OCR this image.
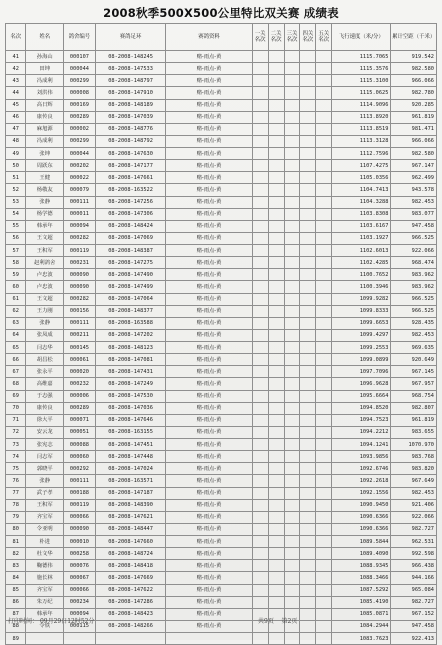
2008秋季500X500公里特比双关赛 成绩表
名次	姓名	鸽舍编号	赛鸽足环	赛鸽资料	一关名次	二关名次	三关名次	四关名次	五关名次	飞行速度（米/分）	累计空距（千米）
41	孙海山	000107	08-2008-148245	赌-雨点-黄						1115.7065	919.542
42	田坤	000044	08-2008-147533	赌-雨点-黄						1115.3576	982.580
43	冯成利	000299	08-2008-148797	赌-雨点-黄						1115.3100	966.066
44	刘洪伟	000008	08-2008-147910	赌-雨点-黄						1115.0625	982.780
45	高日辉	000169	08-2008-148189	赌-雨点-黄						1114.9096	920.285
46	康传良	000289	08-2008-147039	赌-雨点-黄						1113.8920	961.819
47	麻旭源	000002	08-2008-148776	赌-雨点-黄						1113.8519	981.471
48	冯成利	000299	08-2008-148792	赌-雨点-黄						1113.3128	966.066
49	张坤	000044	08-2008-147630	赌-雨点-黄						1112.7596	982.580
50	周跃东	000202	08-2008-147177	赌-雨点-黄						1107.4275	967.147
51	王健	000022	08-2008-147661	赌-雨点-黄						1105.0356	962.499
52	杨敬友	000079	08-2008-163522	赌-雨点-黄						1104.7413	943.578
53	张静	000111	08-2008-147256	赌-雨点-黄						1104.3288	982.453
54	杨学德	000011	08-2008-147306	赌-雨点-黄						1103.8308	983.077
55	韩承年	000094	08-2008-148424	赌-雨点-黄						1103.6167	947.458
56	王文超	000282	08-2008-147069	赌-雨点-黄						1103.1927	966.525
57	王积军	000119	08-2008-148387	赌-雨点-黄						1102.6013	922.066
58	赵利鸽舍	000231	08-2008-147275	赌-雨点-黄						1102.4285	968.474
59	卢忠波	000090	08-2008-147490	赌-雨点-黄						1100.7652	983.962
60	卢忠波	000090	08-2008-147499	赌-雨点-黄						1100.3946	983.962
61	王文超	000282	08-2008-147064	赌-雨点-黄						1099.9282	966.525
62	王力刚	000156	08-2008-148377	赌-雨点-黄						1099.8333	966.525
63	张静	000111	08-2008-163588	赌-雨点-黄						1099.6653	928.435
64	张凤成	000211	08-2008-147202	赌-雨点-黄						1099.4297	982.453
65	闫志华	000145	08-2008-148123	赌-雨点-黄						1099.2553	969.635
66	胡昌松	000061	08-2008-147081	赌-雨点-黄						1099.0899	920.649
67	张永平	000020	08-2008-147431	赌-雨点-黄						1097.7096	967.145
68	高维嘉	000232	08-2008-147249	赌-雨点-黄						1096.9628	967.957
69	于志强	000006	08-2008-147530	赌-雨点-黄						1095.6664	968.754
70	康传良	000289	08-2008-147036	赌-雨点-黄						1094.8520	982.807
71	徐大平	000071	08-2008-147646	赌-雨点-黄						1094.7523	961.819
72	安云龙	000051	08-2008-163155	赌-雨点-黄						1094.2212	983.655
73	张宪志	000088	08-2008-147451	赌-雨点-黄						1094.1241	1070.970
74	闫志军	000060	08-2008-147448	赌-雨点-黄						1093.9856	983.768
75	郭晓平	000292	08-2008-147024	赌-雨点-黄						1092.6746	983.820
76	张静	000111	08-2008-163571	赌-雨点-黄						1092.2618	967.649
77	武子孝	000188	08-2008-147187	赌-雨点-黄						1092.1556	982.453
78	王积军	000119	08-2008-148390	赌-雨点-黄						1090.9450	921.406
79	齐宝军	000066	08-2008-147621	赌-雨点-黄						1090.6366	922.066
80	令亚明	000090	08-2008-148447	赌-雨点-黄						1090.6366	982.727
81	朴进	000010	08-2008-147660	赌-雨点-黄						1089.5844	962.531
82	杜文华	000258	08-2008-148724	赌-雨点-黄						1089.4090	992.598
83	鞠德伟	000076	08-2008-148418	赌-雨点-黄						1088.9345	966.438
84	施长林	000067	08-2008-147669	赌-雨点-黄						1088.3466	944.166
85	齐宝军	000066	08-2008-147622	赌-雨点-黄						1087.5292	965.084
86	朱万纪	000234	08-2008-147286	赌-雨点-黄						1085.4190	982.727
87	韩承年	000094	08-2008-148423	赌-雨点-黄						1085.0871	967.152
88	令铁	000115	08-2008-148266	赌-雨点-黄						1084.2944	947.458
89										1083.7623	922.413
打印时间： 09月29日12时52分	共9页 第2页
